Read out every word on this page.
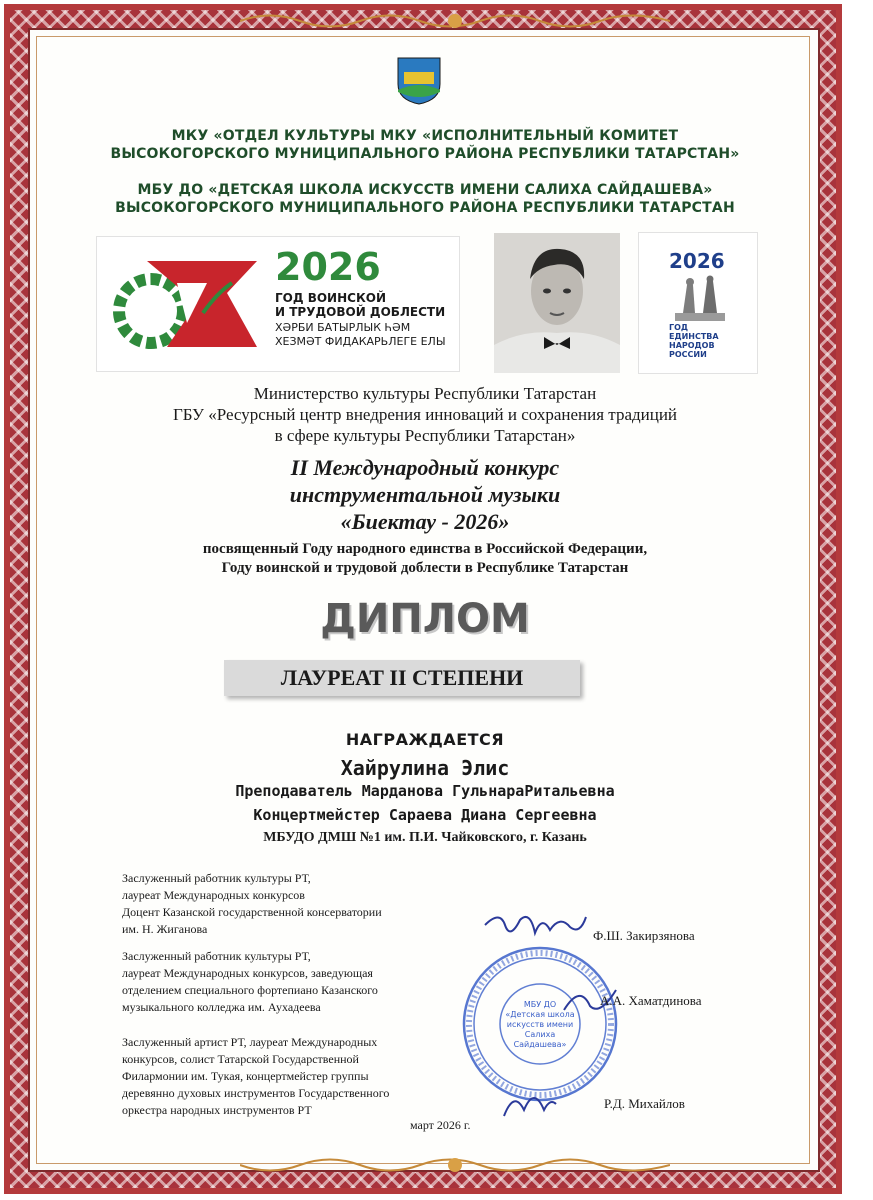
МКУ «ОТДЕЛ КУЛЬТУРЫ МКУ «ИСПОЛНИТЕЛЬНЫЙ КОМИТЕТ
ВЫСОКОГОРСКОГО МУНИЦИПАЛЬНОГО РАЙОНА РЕСПУБЛИКИ ТАТАРСТАН»
МБУ ДО «ДЕТСКАЯ ШКОЛА ИСКУССТВ ИМЕНИ САЛИХА САЙДАШЕВА»
ВЫСОКОГОРСКОГО МУНИЦИПАЛЬНОГО РАЙОНА РЕСПУБЛИКИ ТАТАРСТАН
2026
ГОД ВОИНСКОЙ
И ТРУДОВОЙ ДОБЛЕСТИ
ХӘРБИ БАТЫРЛЫК ҺӘМ
ХЕЗМӘТ ФИДАКАРЬЛЕГЕ ЕЛЫ
2026
ГОД
ЕДИНСТВА
НАРОДОВ
РОССИИ
Министерство культуры Республики Татарстан
ГБУ «Ресурсный центр внедрения инноваций и сохранения традиций
в сфере культуры Республики Татарстан»
II Международный конкурс
инструментальной музыки
«Биектау - 2026»
посвященный Году народного единства в Российской Федерации,
Году воинской и трудовой доблести в Республике Татарстан
ДИПЛОМ
ЛАУРЕАТ II СТЕПЕНИ
НАГРАЖДАЕТСЯ
Хайрулина Элис
Преподаватель Марданова ГульнараРитальевна
Концертмейстер Сараева Диана Сергеевна
МБУДО ДМШ №1 им. П.И. Чайковского, г. Казань
Заслуженный работник культуры РТ,
лауреат Международных конкурсов
Доцент Казанской государственной консерватории
им. Н. Жиганова
Заслуженный работник культуры РТ,
лауреат Международных конкурсов, заведующая
отделением специального фортепиано Казанского
музыкального колледжа им. Аухадеева
Заслуженный артист РТ, лауреат Международных
конкурсов, солист Татарской Государственной
Филармонии им. Тукая, концертмейстер группы
деревянно духовых инструментов Государственного
оркестра народных инструментов РТ
МБУ ДО
«Детская школа
искусств имени
Салиха Сайдашева»
Ф.Ш. Закирзянова
А.А. Хаматдинова
Р.Д. Михайлов
март 2026 г.
